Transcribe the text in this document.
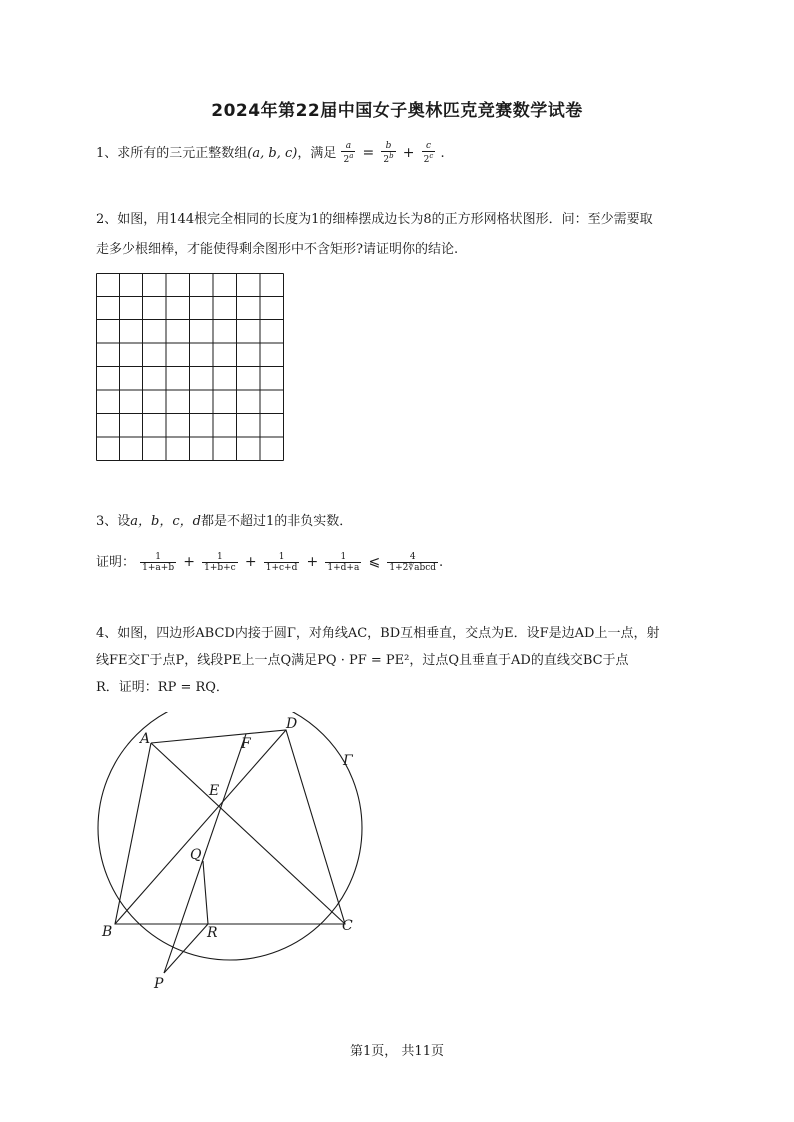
2024年第22届中国女子奥林匹克竞赛数学试卷
1、求所有的三元正整数组(a, b, c)，满足 $\frac{a}{2^a} = \frac{b}{2^b} + \frac{c}{2^c}$ .
2、如图，用144根完全相同的长度为1的细棒摆成边长为8的正方形网格状图形．问：至少需要取
走多少根细棒，才能使得剩余图形中不含矩形?请证明你的结论.
3、设a，b，c，d都是不超过1的非负实数．
证明： $\frac{1}{1+a+b} + \frac{1}{1+b+c} + \frac{1}{1+c+d} + \frac{1}{1+d+a}$ ⩽ $\frac{4}{\text{1+2∜abcd}}$ .
4、如图，四边形ABCD内接于圆Γ，对角线AC，BD互相垂直，交点为E．设F是边AD上一点，射
线FE交Γ于点P，线段PE上一点Q满足PQ · PF = PE²，过点Q且垂直于AD的直线交BC于点
R．证明：RP = RQ．
A
D
F
Γ
E
Q
B	R	C
P
第1页， 共11页
